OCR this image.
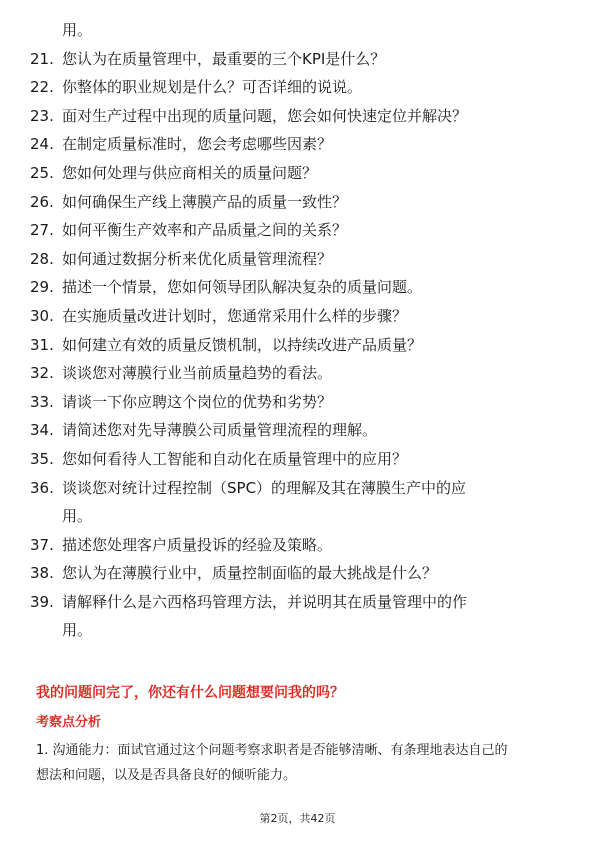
用。
21. 您认为在质量管理中，最重要的三个KPI是什么？
22. 你整体的职业规划是什么？可否详细的说说。
23. 面对生产过程中出现的质量问题，您会如何快速定位并解决？
24. 在制定质量标准时，您会考虑哪些因素？
25. 您如何处理与供应商相关的质量问题？
26. 如何确保生产线上薄膜产品的质量一致性？
27. 如何平衡生产效率和产品质量之间的关系？
28. 如何通过数据分析来优化质量管理流程？
29. 描述一个情景，您如何领导团队解决复杂的质量问题。
30. 在实施质量改进计划时，您通常采用什么样的步骤？
31. 如何建立有效的质量反馈机制，以持续改进产品质量？
32. 谈谈您对薄膜行业当前质量趋势的看法。
33. 请谈一下你应聘这个岗位的优势和劣势？
34. 请简述您对先导薄膜公司质量管理流程的理解。
35. 您如何看待人工智能和自动化在质量管理中的应用？
36. 谈谈您对统计过程控制（SPC）的理解及其在薄膜生产中的应
用。
37. 描述您处理客户质量投诉的经验及策略。
38. 您认为在薄膜行业中，质量控制面临的最大挑战是什么？
39. 请解释什么是六西格玛管理方法，并说明其在质量管理中的作
用。
我的问题问完了，你还有什么问题想要问我的吗？
考察点分析
1. 沟通能力：面试官通过这个问题考察求职者是否能够清晰、有条理地表达自己的
想法和问题，以及是否具备良好的倾听能力。
第2页，共42页
